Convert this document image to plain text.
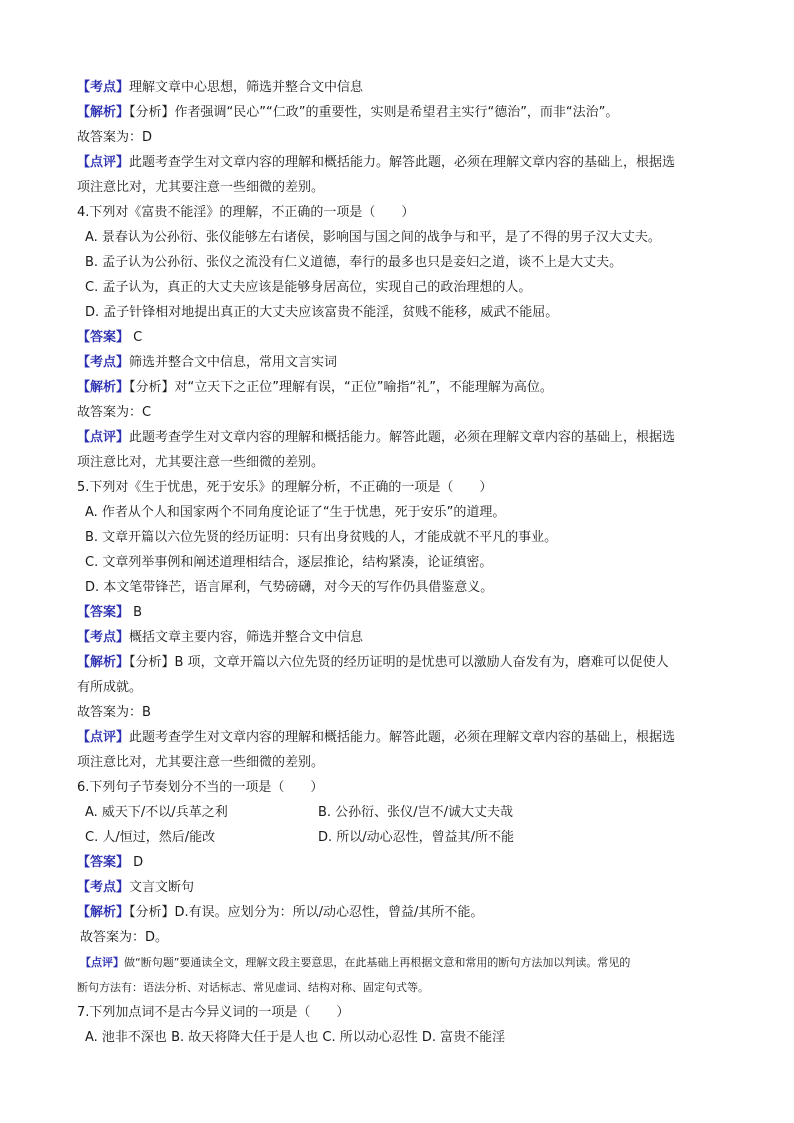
【考点】理解文章中心思想，筛选并整合文中信息
【解析】【分析】作者强调“民心”“仁政”的重要性，实则是希望君主实行“德治”，而非“法治”。
故答案为：D
【点评】此题考查学生对文章内容的理解和概括能力。解答此题，必须在理解文章内容的基础上，根据选
项注意比对，尤其要注意一些细微的差别。
4.下列对《富贵不能淫》的理解，不正确的一项是（　　）
A. 景春认为公孙衍、张仪能够左右诸侯，影响国与国之间的战争与和平，是了不得的男子汉大丈夫。
B. 孟子认为公孙衍、张仪之流没有仁义道德，奉行的最多也只是妾妇之道，谈不上是大丈夫。
C. 孟子认为，真正的大丈夫应该是能够身居高位，实现自己的政治理想的人。
D. 孟子针锋相对地提出真正的大丈夫应该富贵不能淫，贫贱不能移，威武不能屈。
【答案】 C
【考点】筛选并整合文中信息，常用文言实词
【解析】【分析】对“立天下之正位”理解有误，“正位”喻指“礼”，不能理解为高位。
故答案为：C
【点评】此题考查学生对文章内容的理解和概括能力。解答此题，必须在理解文章内容的基础上，根据选
项注意比对，尤其要注意一些细微的差别。
5.下列对《生于忧患，死于安乐》的理解分析，不正确的一项是（　　）
A. 作者从个人和国家两个不同角度论证了“生于忧患，死于安乐”的道理。
B. 文章开篇以六位先贤的经历证明：只有出身贫贱的人，才能成就不平凡的事业。
C. 文章列举事例和阐述道理相结合，逐层推论，结构紧凑，论证缜密。
D. 本文笔带锋芒，语言犀利，气势磅礴，对今天的写作仍具借鉴意义。
【答案】 B
【考点】概括文章主要内容，筛选并整合文中信息
【解析】【分析】B 项，文章开篇以六位先贤的经历证明的是忧患可以激励人奋发有为，磨难可以促使人
有所成就。
故答案为：B
【点评】此题考查学生对文章内容的理解和概括能力。解答此题，必须在理解文章内容的基础上，根据选
项注意比对，尤其要注意一些细微的差别。
6.下列句子节奏划分不当的一项是（　　）
A. 威天下/不以/兵革之利	B. 公孙衍、张仪/岂不/诚大丈夫哉
C. 人/恒过，然后/能改	D. 所以/动心忍性，曾益其/所不能
【答案】 D
【考点】文言文断句
【解析】【分析】D.有误。应划分为：所以/动心忍性，曾益/其所不能。
故答案为：D。
【点评】做“断句题”要通读全文，理解文段主要意思，在此基础上再根据文意和常用的断句方法加以判读。常见的
断句方法有：语法分析、对话标志、常见虚词、结构对称、固定句式等。
7.下列加点词不是古今异义词的一项是（　　）
A. 池非不深也 B. 故天将降大任于是人也 C. 所以动心忍性 D. 富贵不能淫
